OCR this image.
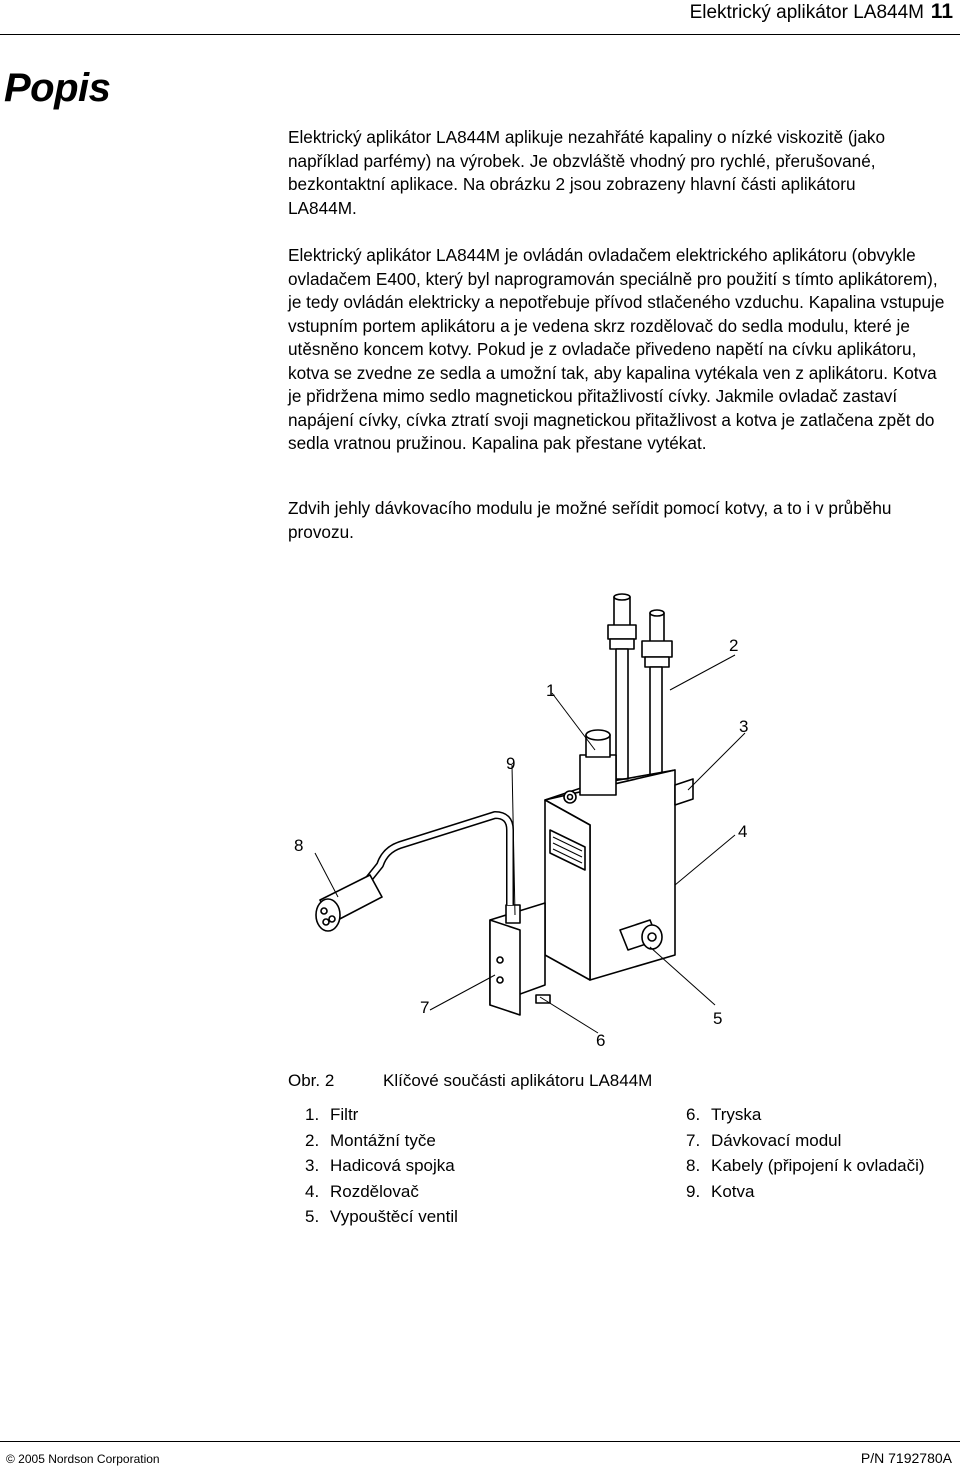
Elektrický aplikátor LA844M 11
Popis

Elektrický aplikátor LA844M aplikuje nezahřáté kapaliny o nízké viskozitě (jako například parfémy) na výrobek. Je obzvláště vhodný pro rychlé, přerušované, bezkontaktní aplikace. Na obrázku 2 jsou zobrazeny hlavní části aplikátoru LA844M.

Elektrický aplikátor LA844M je ovládán ovladačem elektrického aplikátoru (obvykle ovladačem E400, který byl naprogramován speciálně pro použití s tímto aplikátorem), je tedy ovládán elektricky a nepotřebuje přívod stlačeného vzduchu. Kapalina vstupuje vstupním portem aplikátoru a je vedena skrz rozdělovač do sedla modulu, které je utěsněno koncem kotvy. Pokud je z ovladače přivedeno napětí na cívku aplikátoru, kotva se zvedne ze sedla a umožní tak, aby kapalina vytékala ven z aplikátoru. Kotva je přidržena mimo sedlo magnetickou přitažlivostí cívky. Jakmile ovladač zastaví napájení cívky, cívka ztratí svoji magnetickou přitažlivost a kotva je zatlačena zpět do sedla vratnou pružinou. Kapalina pak přestane vytékat.

Zdvih jehly dávkovacího modulu je možné seřídit pomocí kotvy, a to i v průběhu provozu.

1
2
3
4
5
6
7
8
9
Obr. 2	Klíčové součásti aplikátoru LA844M
1. Filtr
2. Montážní tyče
3. Hadicová spojka
4. Rozdělovač
5. Vypouštěcí ventil
6. Tryska
7. Dávkovací modul
8. Kabely (připojení k ovladači)
9. Kotva
© 2005 Nordson Corporation	P/N 7192780A
